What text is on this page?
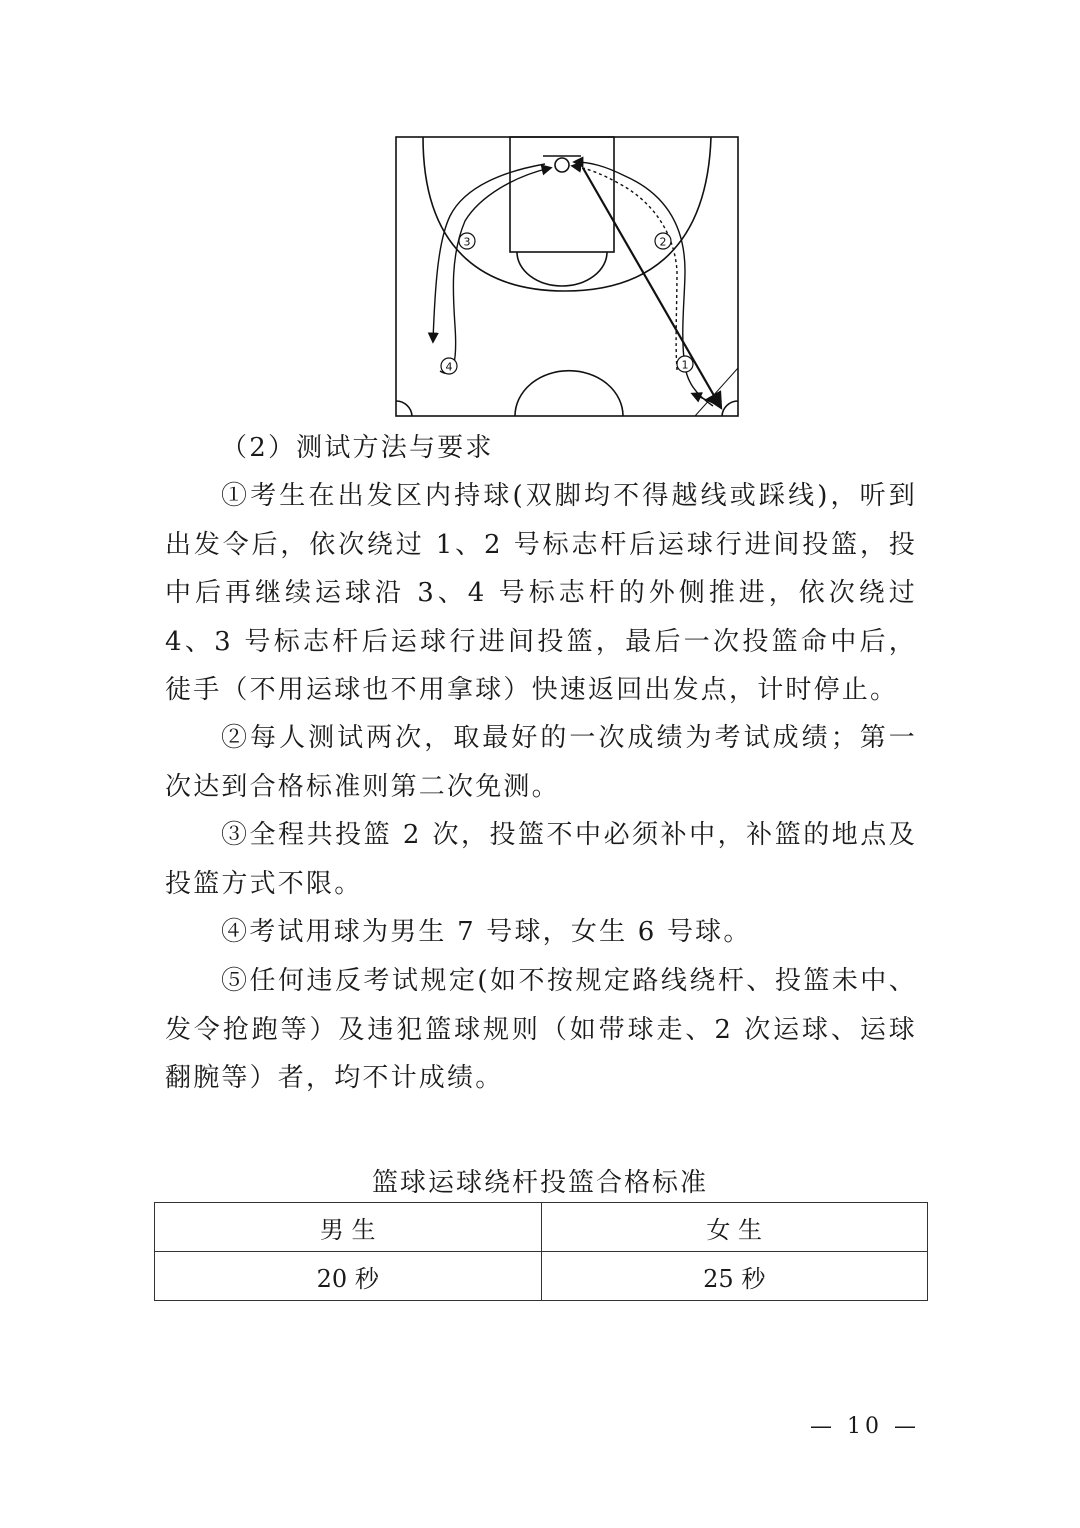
1
2
3
4

（2）测试方法与要求

①考生在出发区内持球(双脚均不得越线或踩线)，听到出发令后，依次绕过 1、2 号标志杆后运球行进间投篮，投中后再继续运球沿 3、4 号标志杆的外侧推进，依次绕过 4、3 号标志杆后运球行进间投篮，最后一次投篮命中后，徒手（不用运球也不用拿球）快速返回出发点，计时停止。

②每人测试两次，取最好的一次成绩为考试成绩；第一次达到合格标准则第二次免测。

③全程共投篮 2 次，投篮不中必须补中，补篮的地点及投篮方式不限。

④考试用球为男生 7 号球，女生 6 号球。

⑤任何违反考试规定(如不按规定路线绕杆、投篮未中、发令抢跑等）及违犯篮球规则（如带球走、2 次运球、运球翻腕等）者，均不计成绩。

篮球运球绕杆投篮合格标准
男 生	女 生
20 秒	25 秒
— 10 —
